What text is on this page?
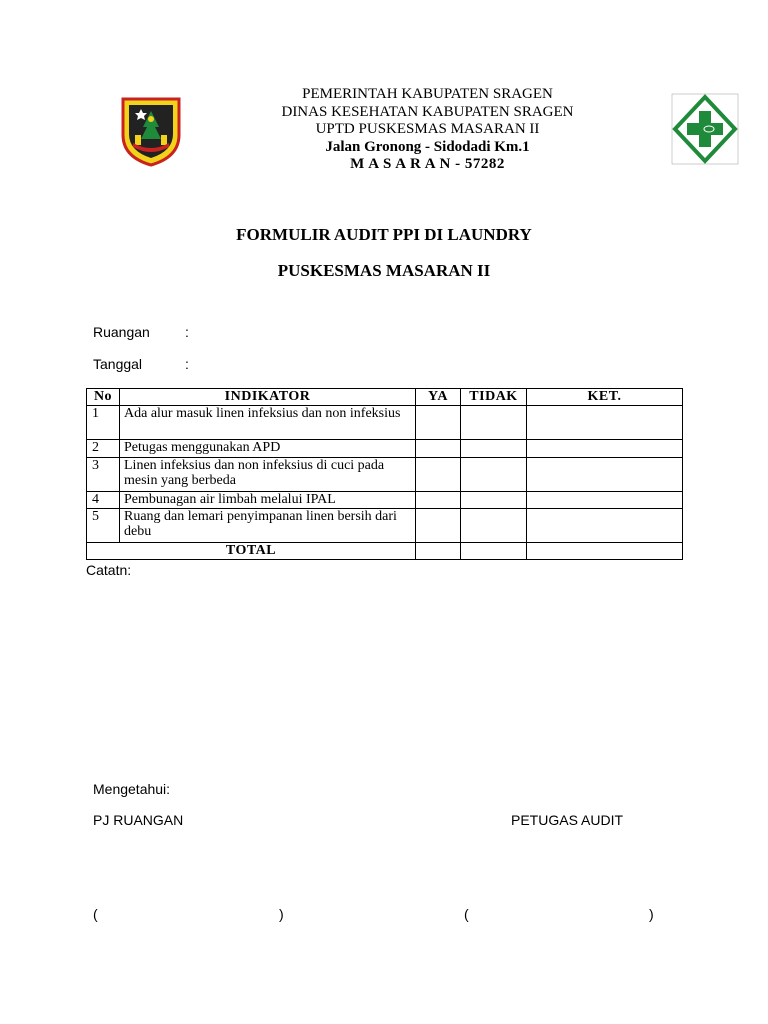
PEMERINTAH KABUPATEN SRAGEN
DINAS KESEHATAN KABUPATEN SRAGEN
UPTD PUSKESMAS MASARAN II
Jalan Gronong - Sidodadi Km.1
M A S A R A N - 57282
FORMULIR AUDIT PPI DI LAUNDRY
PUSKESMAS MASARAN II
Ruangan	:
Tanggal	:
No	INDIKATOR	YA	TIDAK	KET.
1	Ada alur masuk linen infeksius dan non infeksius			
2	Petugas menggunakan APD			
3	Linen infeksius dan non infeksius di cuci pada mesin yang berbeda			
4	Pembunagan air limbah melalui IPAL			
5	Ruang dan lemari penyimpanan linen bersih dari debu			
TOTAL				
Catatn:
Mengetahui:
PJ RUANGAN	PETUGAS AUDIT
(	)	(	)
